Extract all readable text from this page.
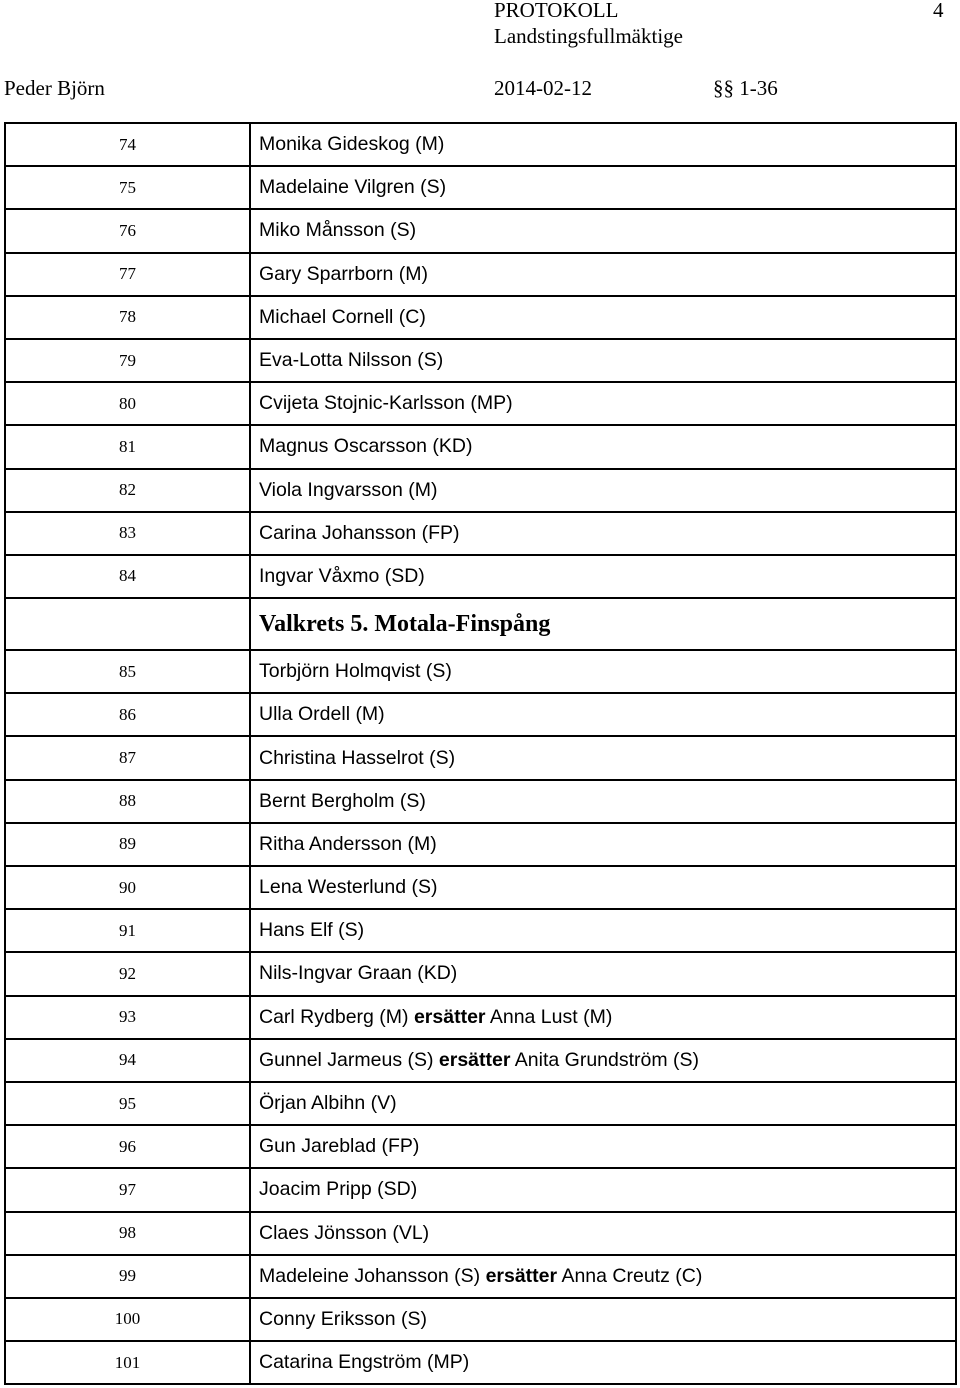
PROTOKOLL	4
Landstingsfullmäktige
Peder Björn	2014-02-12	§§ 1-36
74	Monika Gideskog (M)
75	Madelaine Vilgren (S)
76	Miko Månsson (S)
77	Gary Sparrborn (M)
78	Michael Cornell (C)
79	Eva-Lotta Nilsson (S)
80	Cvijeta Stojnic-Karlsson (MP)
81	Magnus Oscarsson (KD)
82	Viola Ingvarsson (M)
83	Carina Johansson (FP)
84	Ingvar Våxmo (SD)
	Valkrets 5. Motala-Finspång
85	Torbjörn Holmqvist (S)
86	Ulla Ordell (M)
87	Christina Hasselrot (S)
88	Bernt Bergholm (S)
89	Ritha Andersson (M)
90	Lena Westerlund (S)
91	Hans Elf (S)
92	Nils-Ingvar Graan (KD)
93	Carl Rydberg (M) ersätter Anna Lust (M)
94	Gunnel Jarmeus (S) ersätter Anita Grundström (S)
95	Örjan Albihn (V)
96	Gun Jareblad (FP)
97	Joacim Pripp (SD)
98	Claes Jönsson (VL)
99	Madeleine Johansson (S) ersätter Anna Creutz (C)
100	Conny Eriksson (S)
101	Catarina Engström (MP)
